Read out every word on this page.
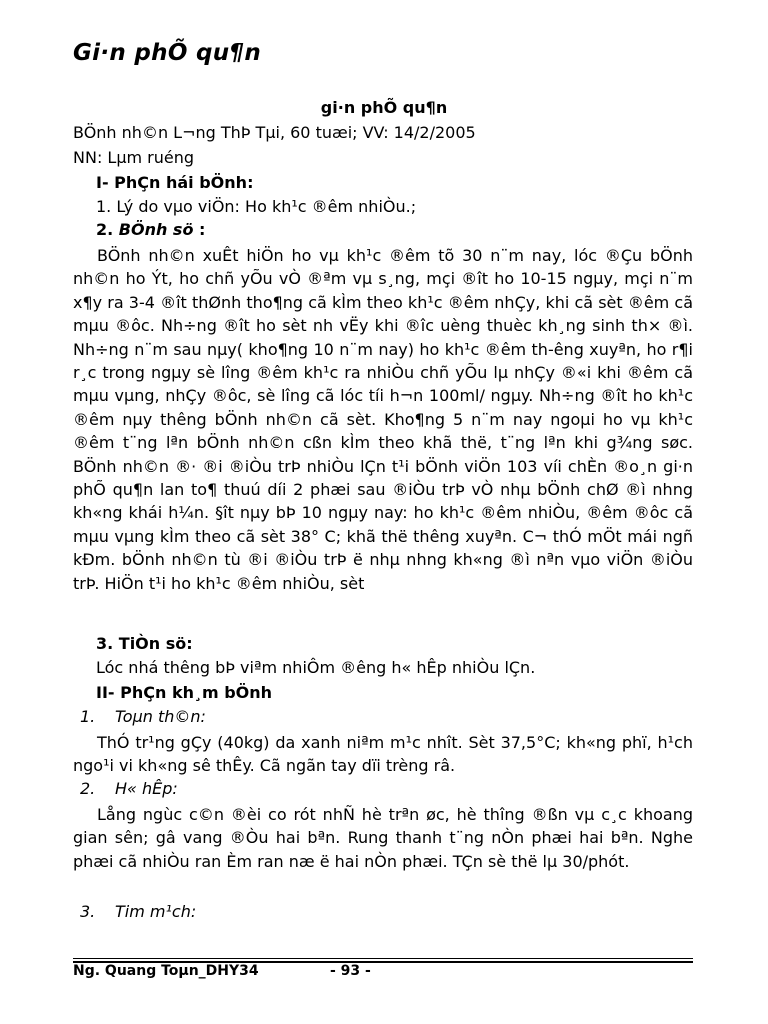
Gi·n phÕ qu¶n
gi·n phÕ qu¶n
BÖnh nh©n L¬ng ThÞ Tµi, 60 tuæi; VV: 14/2/2005
NN: Lµm ruéng
I- PhÇn hái bÖnh:
1. Lý do vµo viÖn: Ho kh¹c ®êm nhiÒu.;
2. BÖnh sö :
BÖnh nh©n xuÊt hiÖn ho vµ kh¹c ®êm tõ 30 n¨m nay, lóc ®Çu bÖnh nh©n ho Ýt, ho chñ yÕu vÒ ®ªm vµ s¸ng, mçi ®ît ho 10-15 ngµy, mçi n¨m x¶y ra 3-4 ®ît thØnh tho¶ng cã kÌm theo kh¹c ®êm nhÇy, khi cã sèt ®êm cã mµu ®ôc. Nh÷ng ®ît ho sèt nh vËy khi ®îc uèng thuèc kh¸ng sinh th× ®ì. Nh÷ng n¨m sau nµy( kho¶ng 10 n¨m nay) ho kh¹c ®êm th-êng xuyªn, ho r¶i r¸c trong ngµy sè lîng ®êm kh¹c ra nhiÒu chñ yÕu lµ nhÇy ®«i khi ®êm cã mµu vµng, nhÇy ®ôc, sè lîng cã lóc tíi h¬n 100ml/ ngµy. Nh÷ng ®ît ho kh¹c ®êm nµy thêng bÖnh nh©n cã sèt. Kho¶ng 5 n¨m nay ngoµi ho vµ kh¹c ®êm t¨ng lªn bÖnh nh©n cßn kÌm theo khã thë, t¨ng lªn khi g¾ng søc. BÖnh nh©n ®· ®i ®iÒu trÞ nhiÒu lÇn t¹i bÖnh viÖn 103 víi chÈn ®o¸n gi·n phÕ qu¶n lan to¶ thuú díi 2 phæi sau ®iÒu trÞ vÒ nhµ bÖnh chØ ®ì nhng kh«ng khái h¼n. §ît nµy bÞ 10 ngµy nay: ho kh¹c ®êm nhiÒu, ®êm ®ôc cã mµu vµng kÌm theo cã sèt 38° C; khã thë thêng xuyªn. C¬ thÓ mÖt mái ngñ kÐm. bÖnh nh©n tù ®i ®iÒu trÞ ë nhµ nhng kh«ng ®ì nªn vµo viÖn ®iÒu trÞ. HiÖn t¹i ho kh¹c ®êm nhiÒu, sèt
3. TiÒn sö:
Lóc nhá thêng bÞ viªm nhiÔm ®êng h« hÊp nhiÒu lÇn.
II- PhÇn kh¸m bÖnh
1. Toµn th©n:
ThÓ tr¹ng gÇy (40kg) da xanh niªm m¹c nhît. Sèt 37,5°C; kh«ng phï, h¹ch ngo¹i vi kh«ng sê thÊy. Cã ngãn tay dïi trèng râ.
2. H« hÊp:
Lång ngùc c©n ®èi co rót nhÑ hè trªn øc, hè thîng ®ßn vµ c¸c khoang gian sên; gâ vang ®Òu hai bªn. Rung thanh t¨ng nÒn phæi hai bªn. Nghe phæi cã nhiÒu ran Èm ran næ ë hai nÒn phæi. TÇn sè thë lµ 30/phót.
3. Tim m¹ch:
Ng. Quang Toµn_DHY34	- 93 -
